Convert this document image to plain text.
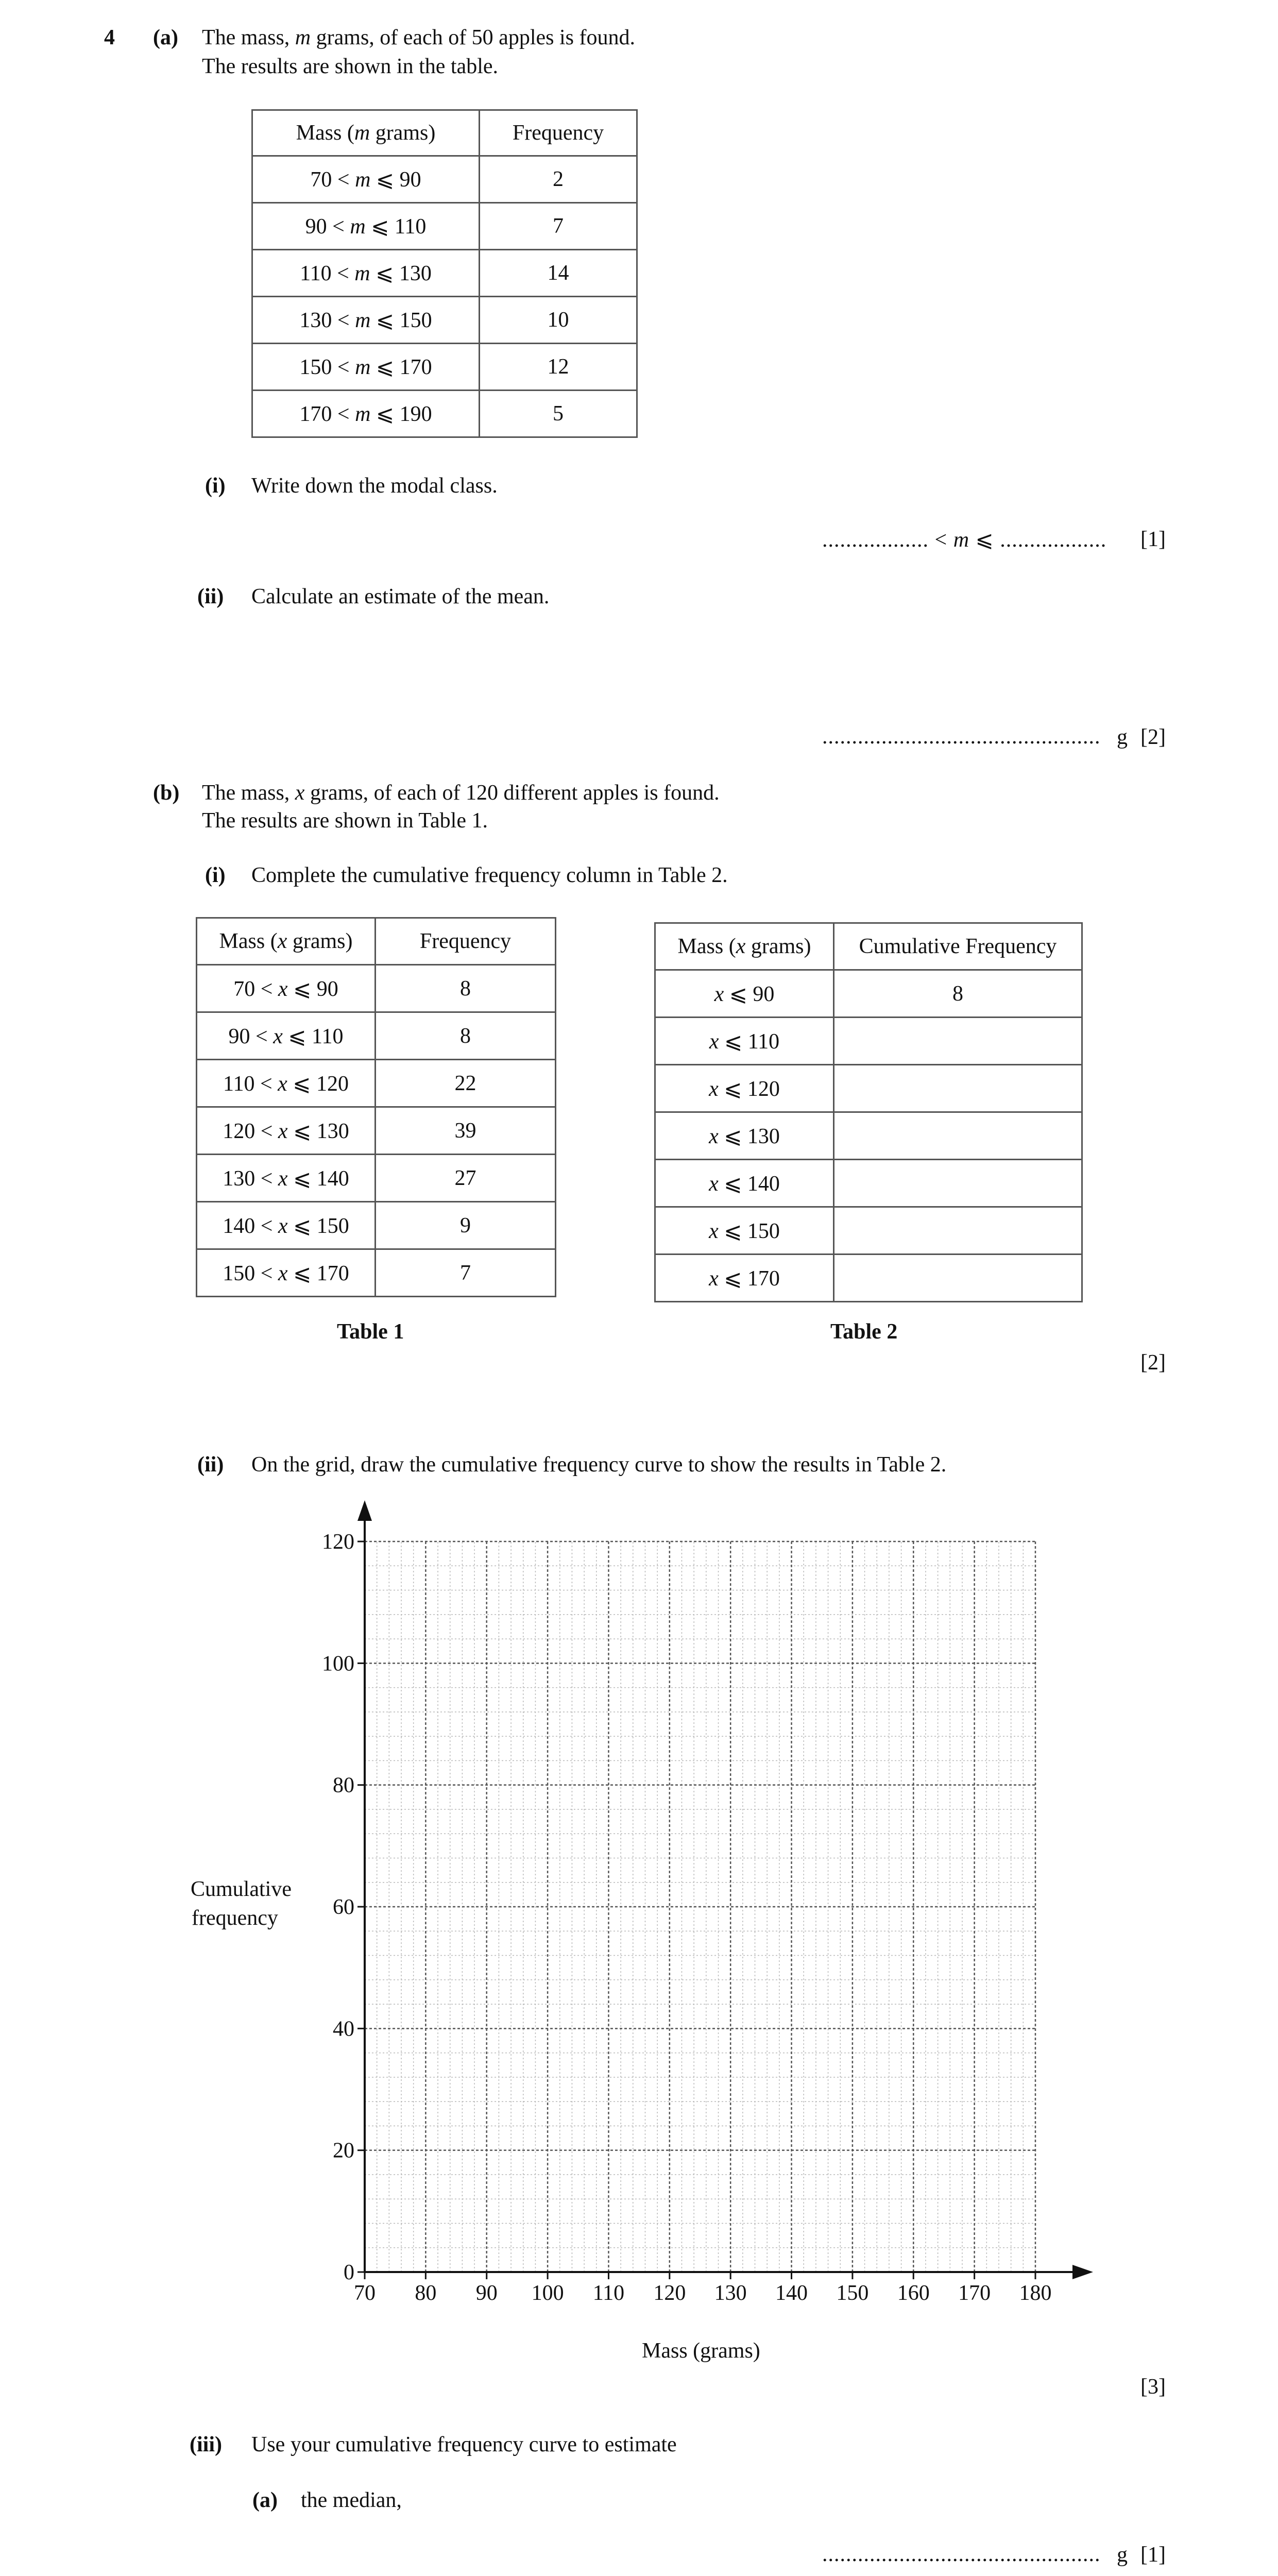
4 (a) The mass, m grams, of each of 50 apples is found.
The results are shown in the table.
Mass (m grams)	Frequency
70 < m ⩽ 90	2
90 < m ⩽ 110	7
110 < m ⩽ 130	14
130 < m ⩽ 150	10
150 < m ⩽ 170	12
170 < m ⩽ 190	5
(i) Write down the modal class.
.................. < m ⩽ .................. [1]
(ii) Calculate an estimate of the mean.
............................................... g [2]
(b) The mass, x grams, of each of 120 different apples is found.
The results are shown in Table 1.
(i) Complete the cumulative frequency column in Table 2.
Mass (x grams)	Frequency
70 < x ⩽ 90	8
90 < x ⩽ 110	8
110 < x ⩽ 120	22
120 < x ⩽ 130	39
130 < x ⩽ 140	27
140 < x ⩽ 150	9
150 < x ⩽ 170	7
Mass (x grams)	Cumulative Frequency
x ⩽ 90	8
x ⩽ 110	
x ⩽ 120	
x ⩽ 130	
x ⩽ 140	
x ⩽ 150	
x ⩽ 170	
Table 1	Table 2
[2]
(ii) On the grid, draw the cumulative frequency curve to show the results in Table 2.
70 80 90 100 110 120 130 140 150 160 170 180
0
20
40
60
80
100
120
Cumulative
frequency
Mass (grams)
[3]
(iii) Use your cumulative frequency curve to estimate
(a) the median,
............................................... g [1]
